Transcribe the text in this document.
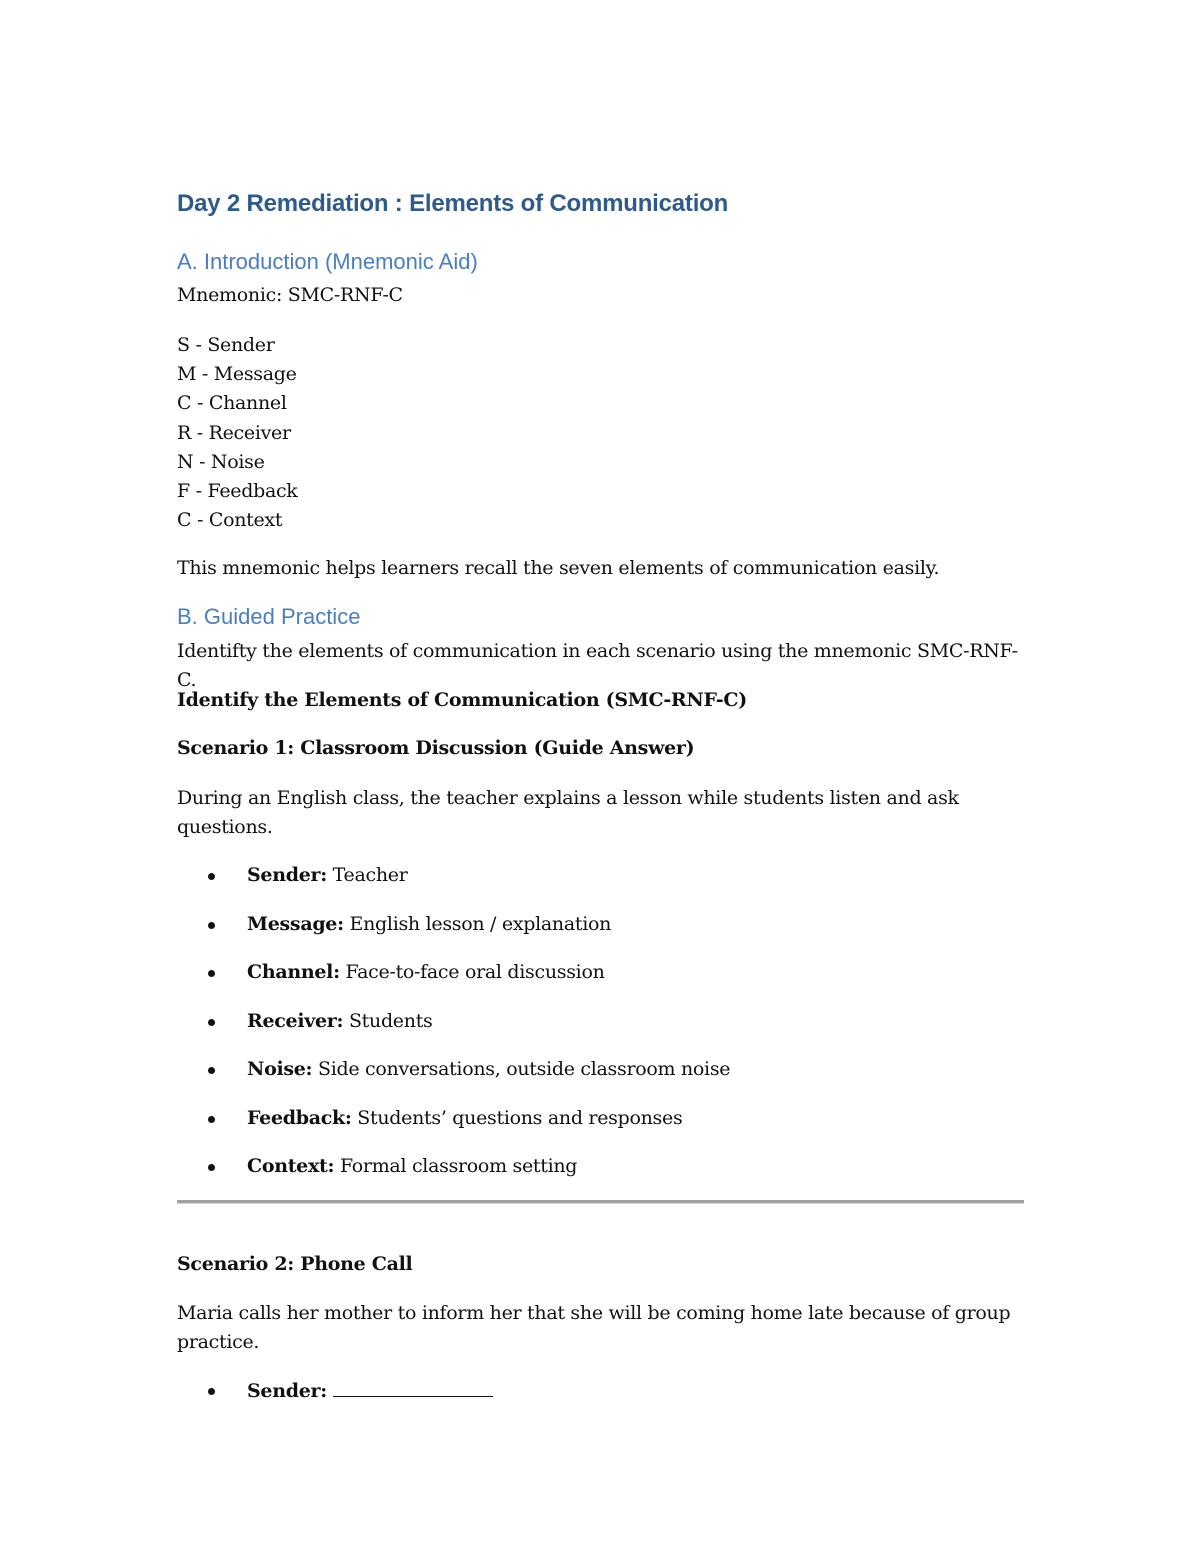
Day 2 Remediation : Elements of Communication
A. Introduction (Mnemonic Aid)

Mnemonic: SMC-RNF-C

S - Sender
M - Message
C - Channel
R - Receiver
N - Noise
F - Feedback
C - Context

This mnemonic helps learners recall the seven elements of communication easily.

B. Guided Practice

Identifty the elements of communication in each scenario using the mnemonic SMC-RNF-C.

Identify the Elements of Communication (SMC-RNF-C)

Scenario 1: Classroom Discussion (Guide Answer)

During an English class, the teacher explains a lesson while students listen and ask

questions.

Sender: Teacher
Message: English lesson / explanation
Channel: Face-to-face oral discussion
Receiver: Students
Noise: Side conversations, outside classroom noise
Feedback: Students’ questions and responses
Context: Formal classroom setting

Scenario 2: Phone Call

Maria calls her mother to inform her that she will be coming home late because of group

practice.

Sender:
